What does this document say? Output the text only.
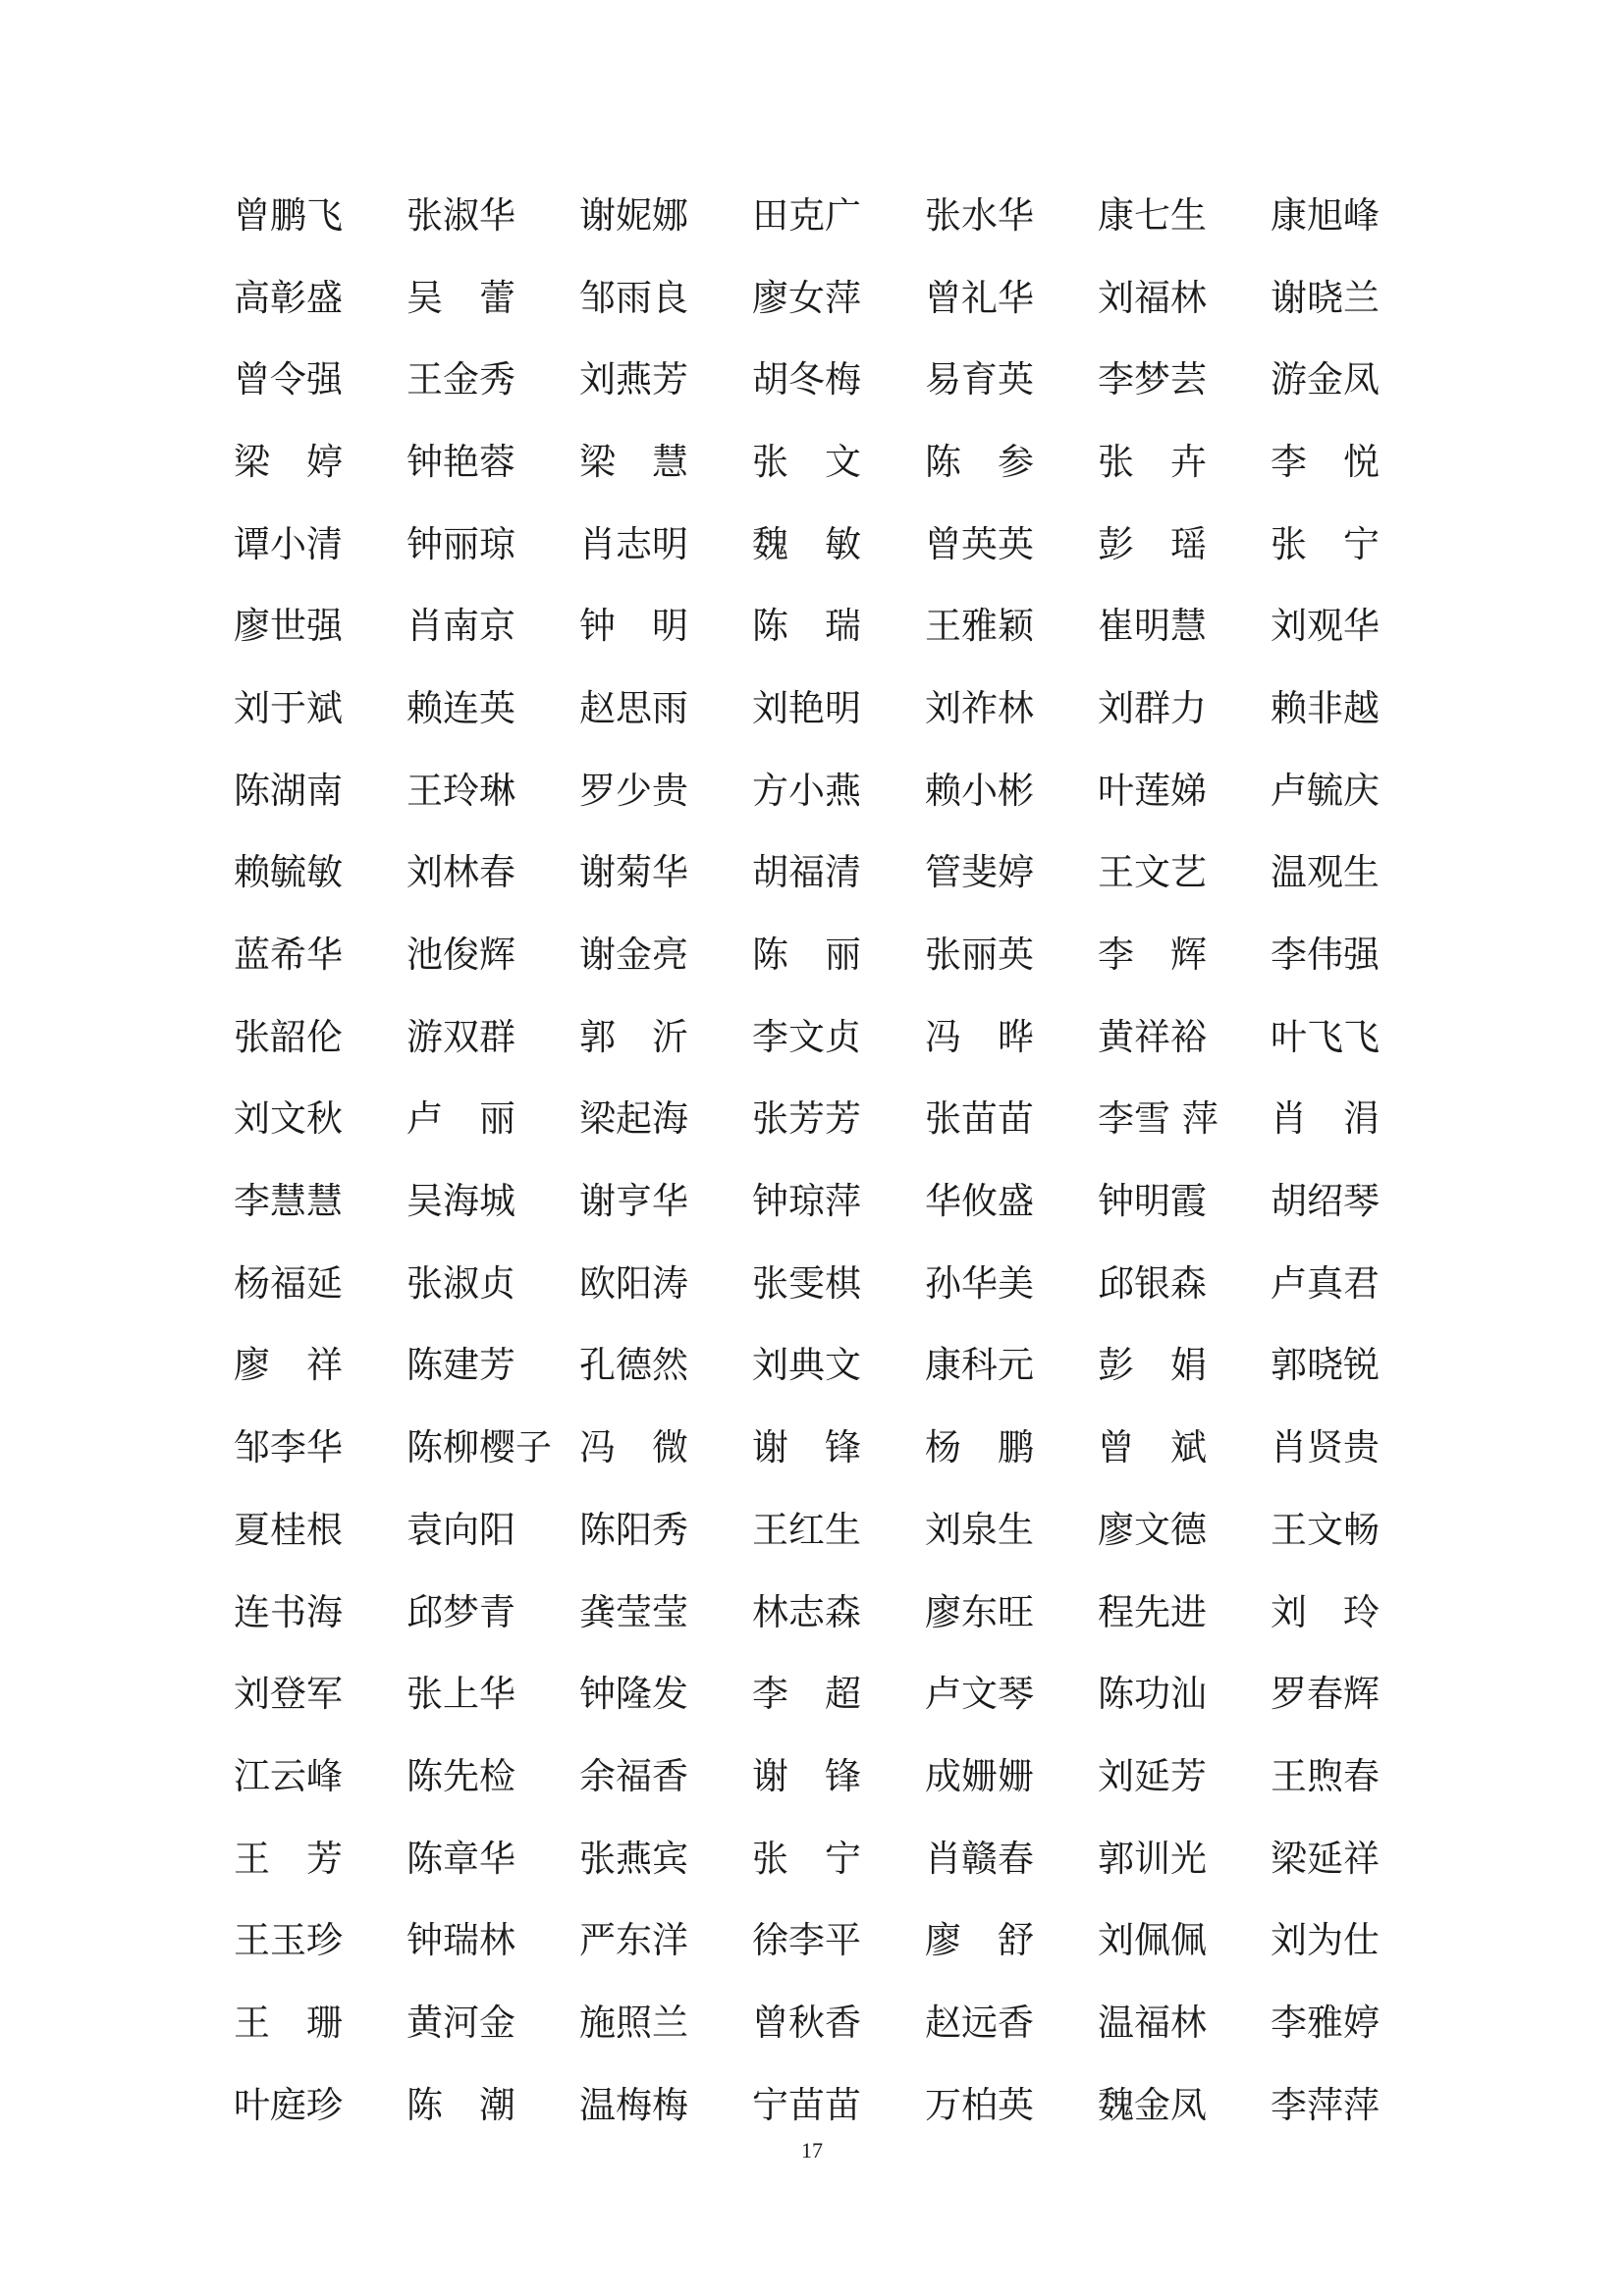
曾鹏飞	张淑华	谢妮娜	田克广	张水华	康七生	康旭峰
高彰盛	吴　蕾	邹雨良	廖女萍	曾礼华	刘福林	谢晓兰
曾令强	王金秀	刘燕芳	胡冬梅	易育英	李梦芸	游金凤
梁　婷	钟艳蓉	梁　慧	张　文	陈　参	张　卉	李　悦
谭小清	钟丽琼	肖志明	魏　敏	曾英英	彭　瑶	张　宁
廖世强	肖南京	钟　明	陈　瑞	王雅颖	崔明慧	刘观华
刘于斌	赖连英	赵思雨	刘艳明	刘祚林	刘群力	赖非越
陈湖南	王玲琳	罗少贵	方小燕	赖小彬	叶莲娣	卢毓庆
赖毓敏	刘林春	谢菊华	胡福清	管斐婷	王文艺	温观生
蓝希华	池俊辉	谢金亮	陈　丽	张丽英	李　辉	李伟强
张韶伦	游双群	郭　沂	李文贞	冯　晔	黄祥裕	叶飞飞
刘文秋	卢　丽	梁起海	张芳芳	张苗苗	李雪 萍	肖　涓
李慧慧	吴海城	谢亨华	钟琼萍	华攸盛	钟明霞	胡绍琴
杨福延	张淑贞	欧阳涛	张雯棋	孙华美	邱银森	卢真君
廖　祥	陈建芳	孔德然	刘典文	康科元	彭　娟	郭晓锐
邹李华	陈柳樱子 冯　微	谢　锋	杨　鹏	曾　斌	肖贤贵
夏桂根	袁向阳	陈阳秀	王红生	刘泉生	廖文德	王文畅
连书海	邱梦青	龚莹莹	林志森	廖东旺	程先进	刘　玲
刘登军	张上华	钟隆发	李　超	卢文琴	陈功汕	罗春辉
江云峰	陈先检	余福香	谢　锋	成姗姗	刘延芳	王煦春
王　芳	陈章华	张燕宾	张　宁	肖赣春	郭训光	梁延祥
王玉珍	钟瑞林	严东洋	徐李平	廖　舒	刘佩佩	刘为仕
王　珊	黄河金	施照兰	曾秋香	赵远香	温福林	李雅婷
叶庭珍	陈　潮	温梅梅	宁苗苗	万柏英	魏金凤	李萍萍
17
